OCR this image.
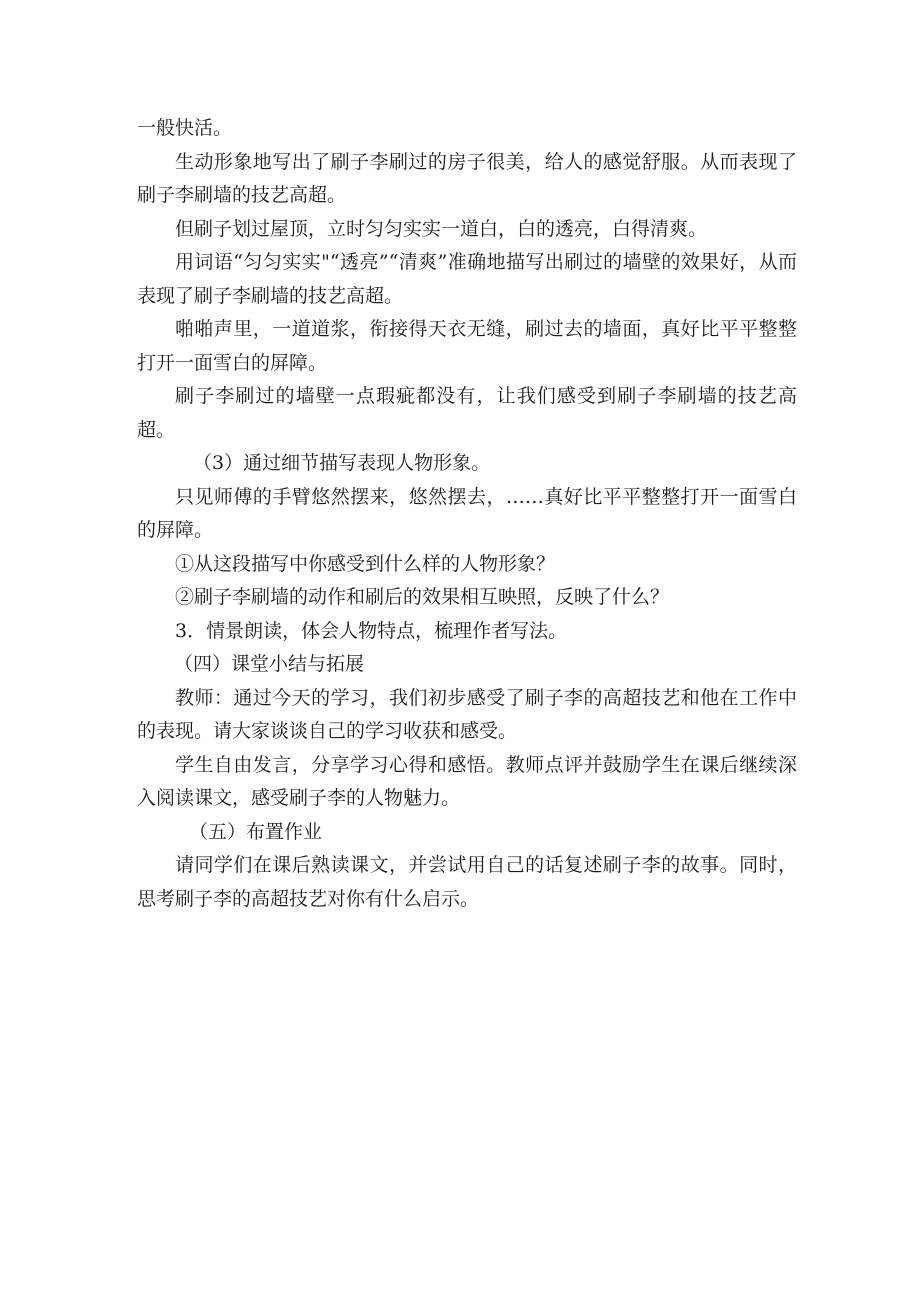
一般快活。

生动形象地写出了刷子李刷过的房子很美，给人的感觉舒服。从而表现了刷子李刷墙的技艺高超。

但刷子划过屋顶，立时匀匀实实一道白，白的透亮，白得清爽。

用词语“匀匀实实"“透亮”“清爽”准确地描写出刷过的墙壁的效果好，从而表现了刷子李刷墙的技艺高超。

啪啪声里，一道道浆，衔接得天衣无缝，刷过去的墙面，真好比平平整整打开一面雪白的屏障。

刷子李刷过的墙壁一点瑕疵都没有，让我们感受到刷子李刷墙的技艺高超。

（3）通过细节描写表现人物形象。

只见师傅的手臂悠然摆来，悠然摆去，……真好比平平整整打开一面雪白的屏障。

①从这段描写中你感受到什么样的人物形象？

②刷子李刷墙的动作和刷后的效果相互映照，反映了什么？

3．情景朗读，体会人物特点，梳理作者写法。

（四）课堂小结与拓展

教师：通过今天的学习，我们初步感受了刷子李的高超技艺和他在工作中的表现。请大家谈谈自己的学习收获和感受。

学生自由发言，分享学习心得和感悟。教师点评并鼓励学生在课后继续深入阅读课文，感受刷子李的人物魅力。

（五）布置作业

请同学们在课后熟读课文，并尝试用自己的话复述刷子李的故事。同时，思考刷子李的高超技艺对你有什么启示。
